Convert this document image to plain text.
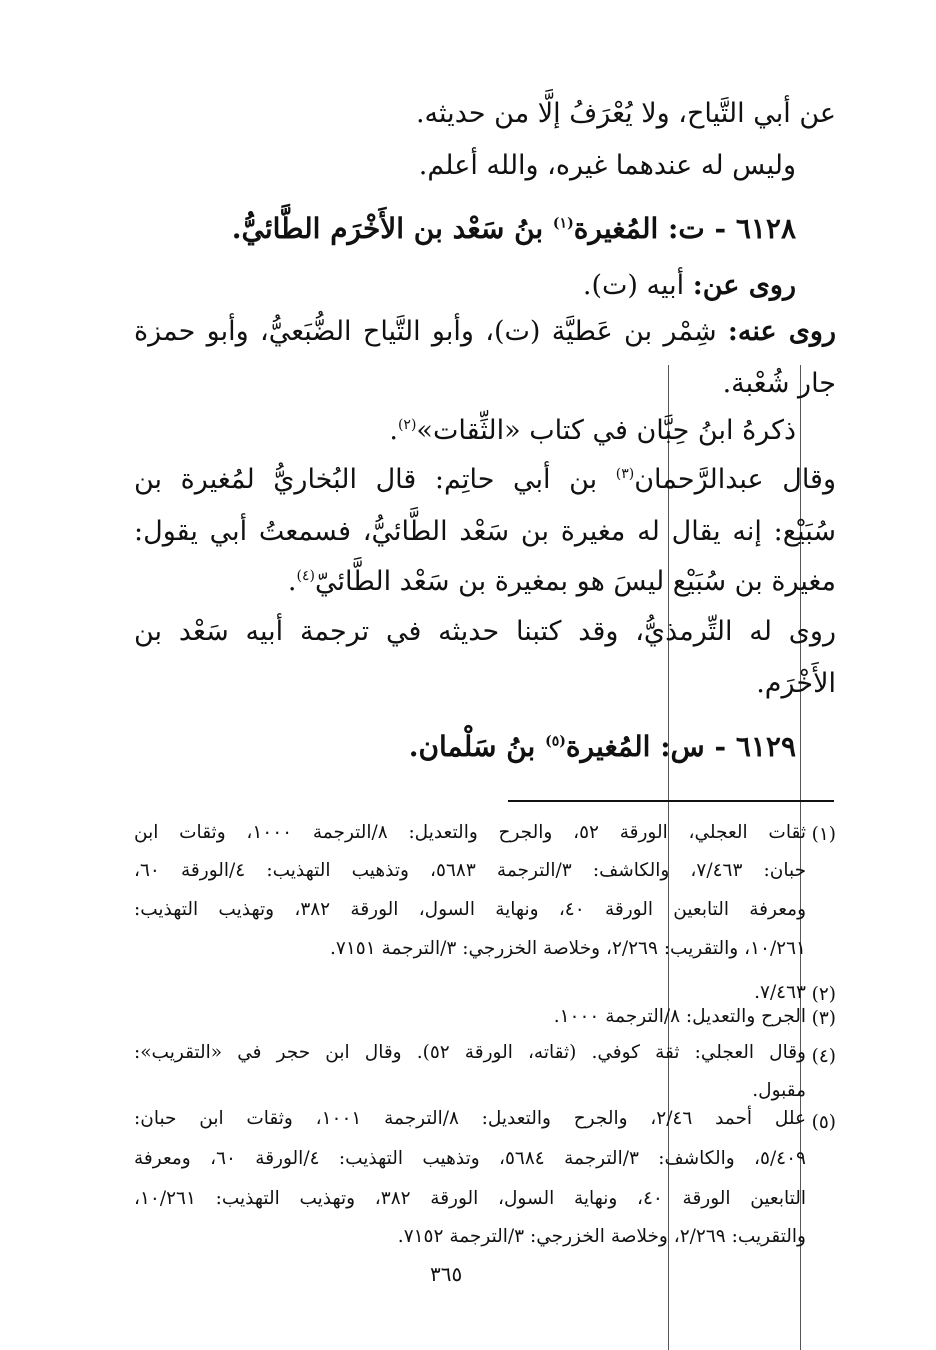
عن أبي التَّياح، ولا يُعْرَفُ إلَّا من حديثه.
وليس له عندهما غيره، والله أعلم.
٦١٢٨ - ت: المُغيرة$^{(١)}$ بنُ سَعْد بن الأَخْرَم الطَّائيُّ.
روى عن: أبيه (ت).
روى عنه: شِمْر بن عَطيَّة (ت)، وأبو التَّياح الضُّبَعيُّ، وأبو حمزة
جار شُعْبة.
ذكرهُ ابنُ حِبَّان في كتاب «الثِّقات»$^{(٢)}$.
وقال عبدالرَّحمان$^{(٣)}$ بن أبي حاتِم: قال البُخاريُّ لمُغيرة بن
سُبَيْع: إنه يقال له مغيرة بن سَعْد الطَّائيُّ، فسمعتُ أبي يقول:
مغيرة بن سُبَيْع ليسَ هو بمغيرة بن سَعْد الطَّائيّ$^{(٤)}$.
روى له التِّرمذيُّ، وقد كتبنا حديثه في ترجمة أبيه سَعْد بن
الأَخْرَم.
٦١٢٩ - س: المُغيرة$^{(٥)}$ بنُ سَلْمان.
(١)
ثقات العجلي، الورقة ٥٢، والجرح والتعديل: ٨/الترجمة ١٠٠٠، وثقات ابن
حبان: ٧/٤٦٣، والكاشف: ٣/الترجمة ٥٦٨٣، وتذهيب التهذيب: ٤/الورقة ٦٠،
ومعرفة التابعين الورقة ٤٠، ونهاية السول، الورقة ٣٨٢، وتهذيب التهذيب:
١٠/٢٦١، والتقريب: ٢/٢٦٩، وخلاصة الخزرجي: ٣/الترجمة ٧١٥١.
(٢)
٧/٤٦٣.
(٣)
الجرح والتعديل: ٨/الترجمة ١٠٠٠.
(٤)
وقال العجلي: ثقة كوفي. (ثقاته، الورقة ٥٢). وقال ابن حجر في «التقريب»:
مقبول.
(٥)
علل أحمد ٢/٤٦، والجرح والتعديل: ٨/الترجمة ١٠٠١، وثقات ابن حبان:
٥/٤٠٩، والكاشف: ٣/الترجمة ٥٦٨٤، وتذهيب التهذيب: ٤/الورقة ٦٠، ومعرفة
التابعين الورقة ٤٠، ونهاية السول، الورقة ٣٨٢، وتهذيب التهذيب: ١٠/٢٦١،
والتقريب: ٢/٢٦٩، وخلاصة الخزرجي: ٣/الترجمة ٧١٥٢.
٣٦٥
